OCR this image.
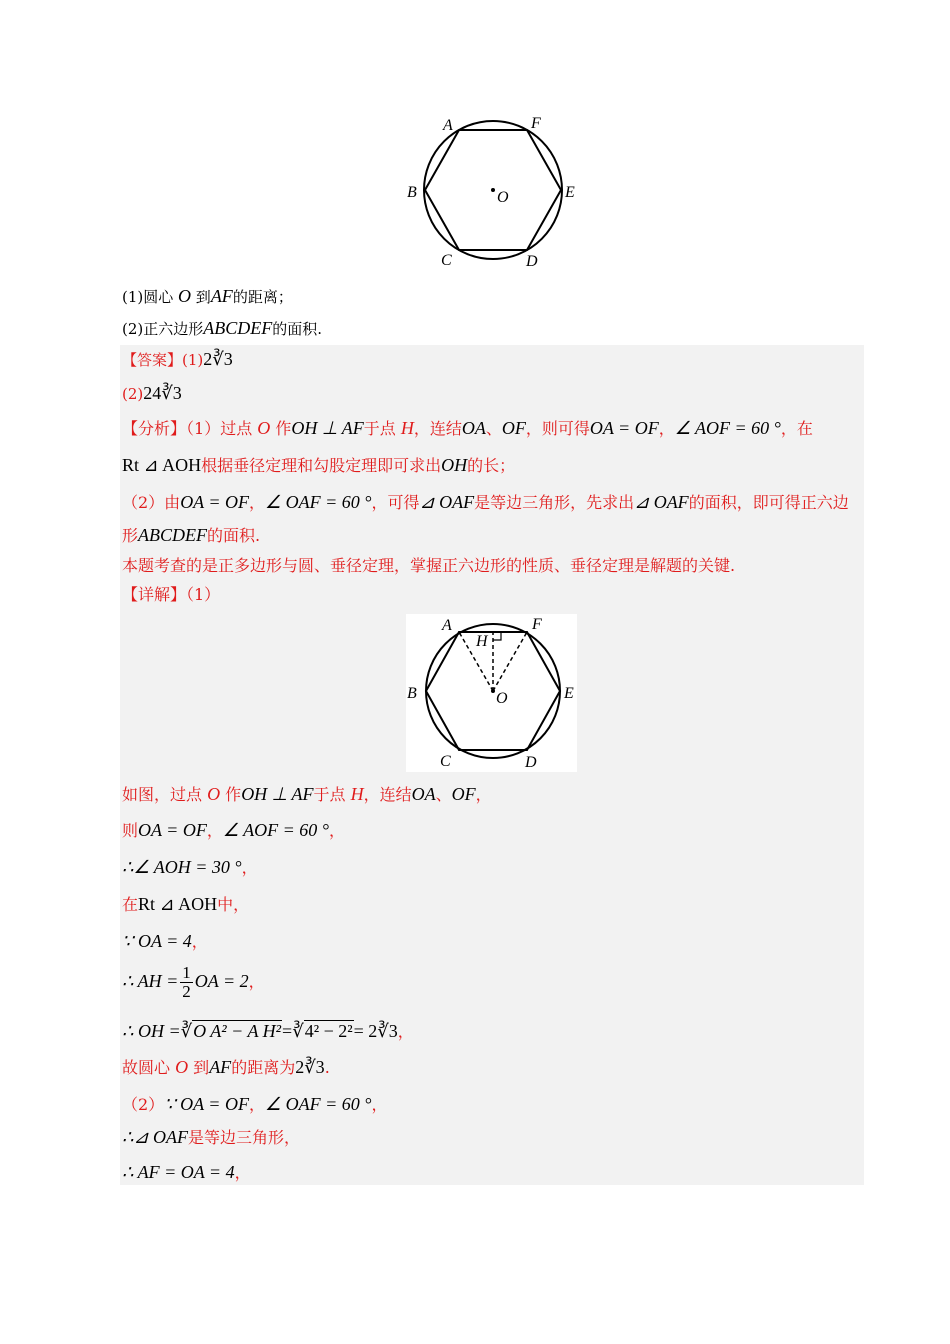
A	F
B	E
C	D
O
(1)圆心 O 到AF的距离；
(2)正六边形ABCDEF的面积.
【答案】(1)2∛3
(2)24∛3
【分析】（1）过点 O 作OH ⊥ AF于点 H，连结OA、OF，则可得OA = OF，∠ AOF = 60 °，在
Rt ⊿ AOH根据垂径定理和勾股定理即可求出OH的长；
（2）由OA = OF，∠ OAF = 60 °，可得⊿ OAF是等边三角形，先求出⊿ OAF的面积，即可得正六边
形ABCDEF的面积.
本题考查的是正多边形与圆、垂径定理，掌握正六边形的性质、垂径定理是解题的关键.
【详解】（1）
A	F
H
B	E
C	D
O
如图，过点 O 作OH ⊥ AF于点 H，连结OA、OF，
则OA = OF，∠ AOF = 60 °，
∴∠ AOH = 30 °，
在Rt ⊿ AOH中，
∵ OA = 4，
∴ AH = $\frac{1}{2}$ OA = 2，
∴ OH =∛O A² − A H²=∛4² − 2²= 2∛3，
故圆心 O 到AF的距离为2∛3.
（2）∵ OA = OF，∠ OAF = 60 °，
∴⊿ OAF是等边三角形，
∴ AF = OA = 4，
